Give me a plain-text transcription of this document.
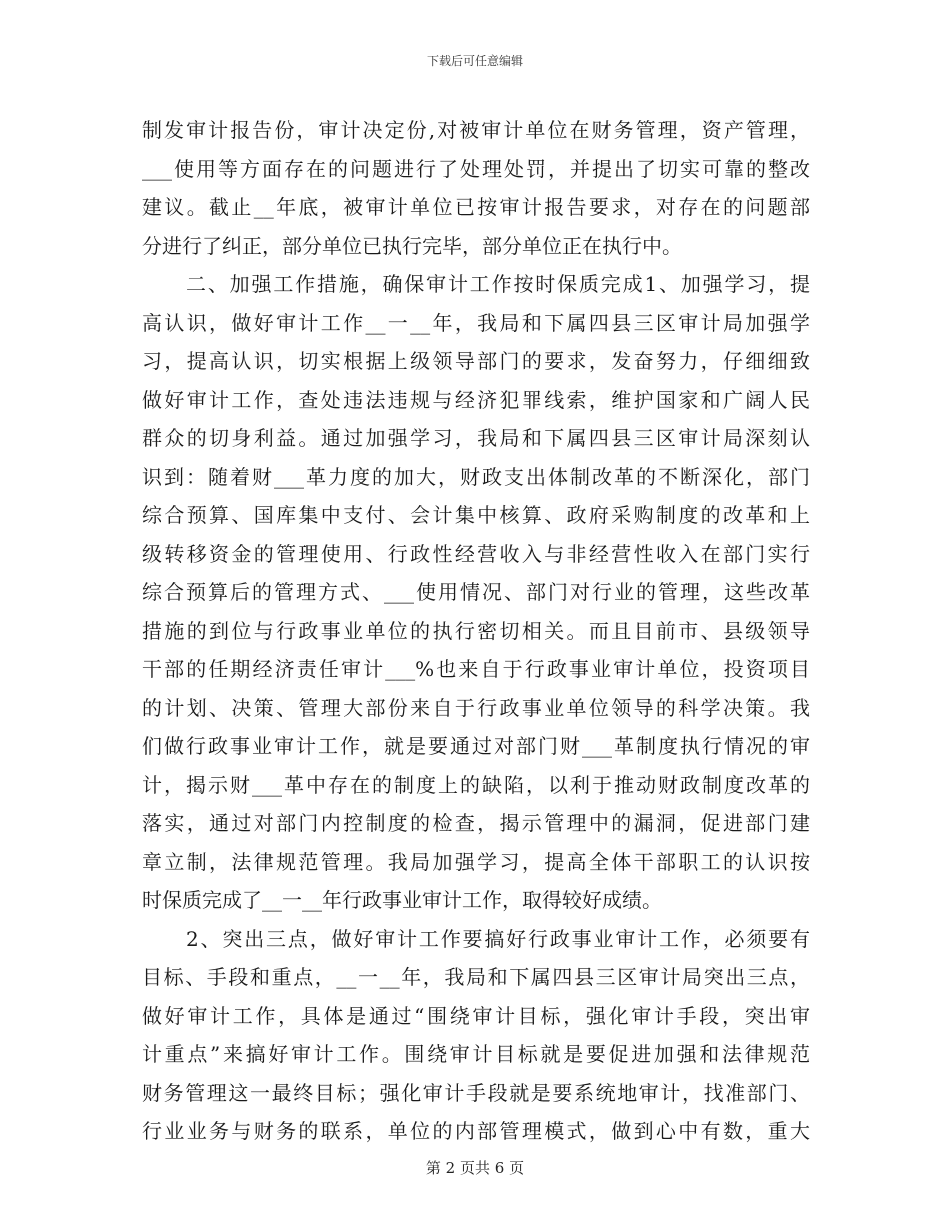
下载后可任意编辑
制发审计报告份，审计决定份,对被审计单位在财务管理，资产管理，
___使用等方面存在的问题进行了处理处罚，并提出了切实可靠的整改
建议。截止__年底，被审计单位已按审计报告要求，对存在的问题部
分进行了纠正，部分单位已执行完毕，部分单位正在执行中。
二、加强工作措施，确保审计工作按时保质完成1、加强学习，提
高认识，做好审计工作__一__年，我局和下属四县三区审计局加强学
习，提高认识，切实根据上级领导部门的要求，发奋努力，仔细细致
做好审计工作，查处违法违规与经济犯罪线索，维护国家和广阔人民
群众的切身利益。通过加强学习，我局和下属四县三区审计局深刻认
识到：随着财___革力度的加大，财政支出体制改革的不断深化，部门
综合预算、国库集中支付、会计集中核算、政府采购制度的改革和上
级转移资金的管理使用、行政性经营收入与非经营性收入在部门实行
综合预算后的管理方式、___使用情况、部门对行业的管理，这些改革
措施的到位与行政事业单位的执行密切相关。而且目前市、县级领导
干部的任期经济责任审计___%也来自于行政事业审计单位，投资项目
的计划、决策、管理大部份来自于行政事业单位领导的科学决策。我
们做行政事业审计工作，就是要通过对部门财___革制度执行情况的审
计，揭示财___革中存在的制度上的缺陷，以利于推动财政制度改革的
落实，通过对部门内控制度的检查，揭示管理中的漏洞，促进部门建
章立制，法律规范管理。我局加强学习，提高全体干部职工的认识按
时保质完成了__一__年行政事业审计工作，取得较好成绩。
2、突出三点，做好审计工作要搞好行政事业审计工作，必须要有
目标、手段和重点，__一__年，我局和下属四县三区审计局突出三点，
做好审计工作，具体是通过“围绕审计目标，强化审计手段，突出审
计重点”来搞好审计工作。围绕审计目标就是要促进加强和法律规范
财务管理这一最终目标；强化审计手段就是要系统地审计，找准部门、
行业业务与财务的联系，单位的内部管理模式，做到心中有数，重大
第 2 页共 6 页
